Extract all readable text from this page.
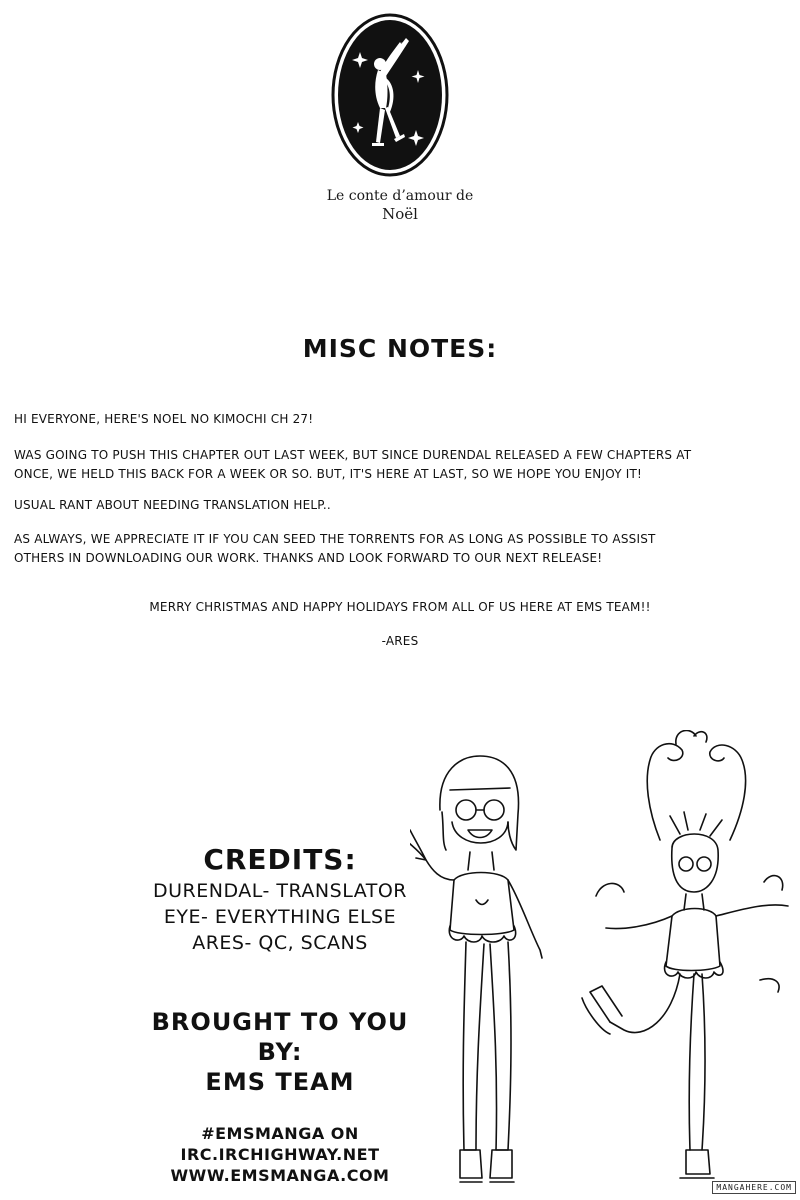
Le conte d’amour de
Noël
MISC NOTES:
HI EVERYONE, HERE'S NOEL NO KIMOCHI CH 27!
WAS GOING TO PUSH THIS CHAPTER OUT LAST WEEK, BUT SINCE DURENDAL RELEASED A FEW CHAPTERS AT
ONCE, WE HELD THIS BACK FOR A WEEK OR SO. BUT, IT'S HERE AT LAST, SO WE HOPE YOU ENJOY IT!
USUAL RANT ABOUT NEEDING TRANSLATION HELP..
AS ALWAYS, WE APPRECIATE IT IF YOU CAN SEED THE TORRENTS FOR AS LONG AS POSSIBLE TO ASSIST
OTHERS IN DOWNLOADING OUR WORK. THANKS AND LOOK FORWARD TO OUR NEXT RELEASE!
MERRY CHRISTMAS AND HAPPY HOLIDAYS FROM ALL OF US HERE AT EMS TEAM!!
-ARES
CREDITS:
DURENDAL- TRANSLATOR
EYE- EVERYTHING ELSE
ARES- QC, SCANS
BROUGHT TO YOU
BY:
EMS TEAM
#EMSMANGA ON
IRC.IRCHIGHWAY.NET
WWW.EMSMANGA.COM
MANGAHERE.COM
